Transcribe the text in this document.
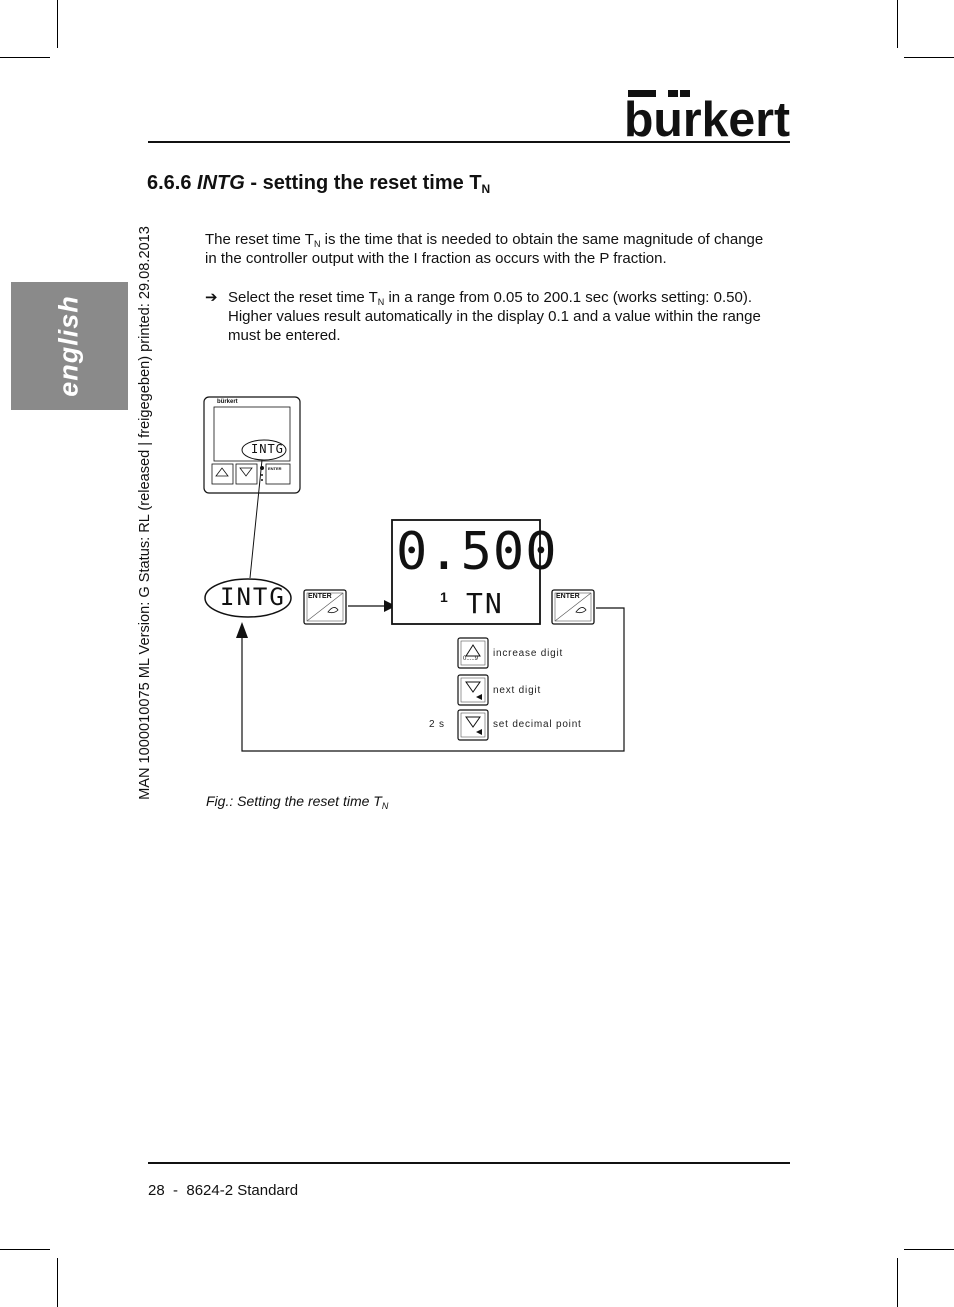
burkert
english	MAN 1000010075 ML Version: G Status: RL (released | freigegeben) printed: 29.08.2013
6.6.6 INTG - setting the reset time $T_N$
The reset time $T_N$ is the time that is needed to obtain the same magnitude of change in the controller output with the I fraction as occurs with the P fraction.
➔ Select the reset time $T_N$ in a range from 0.05 to 200.1 sec (works setting: 0.50). Higher values result automatically in the display 0.1 and a value within the range must be entered.
bürkert
INTG
ENTER
INTG	ENTER	ENTER
0.500
1 TN
0.....9 increase digit
next digit
2 s	set decimal point
Fig.: Setting the reset time $T_N$
28  -  8624-2 Standard
